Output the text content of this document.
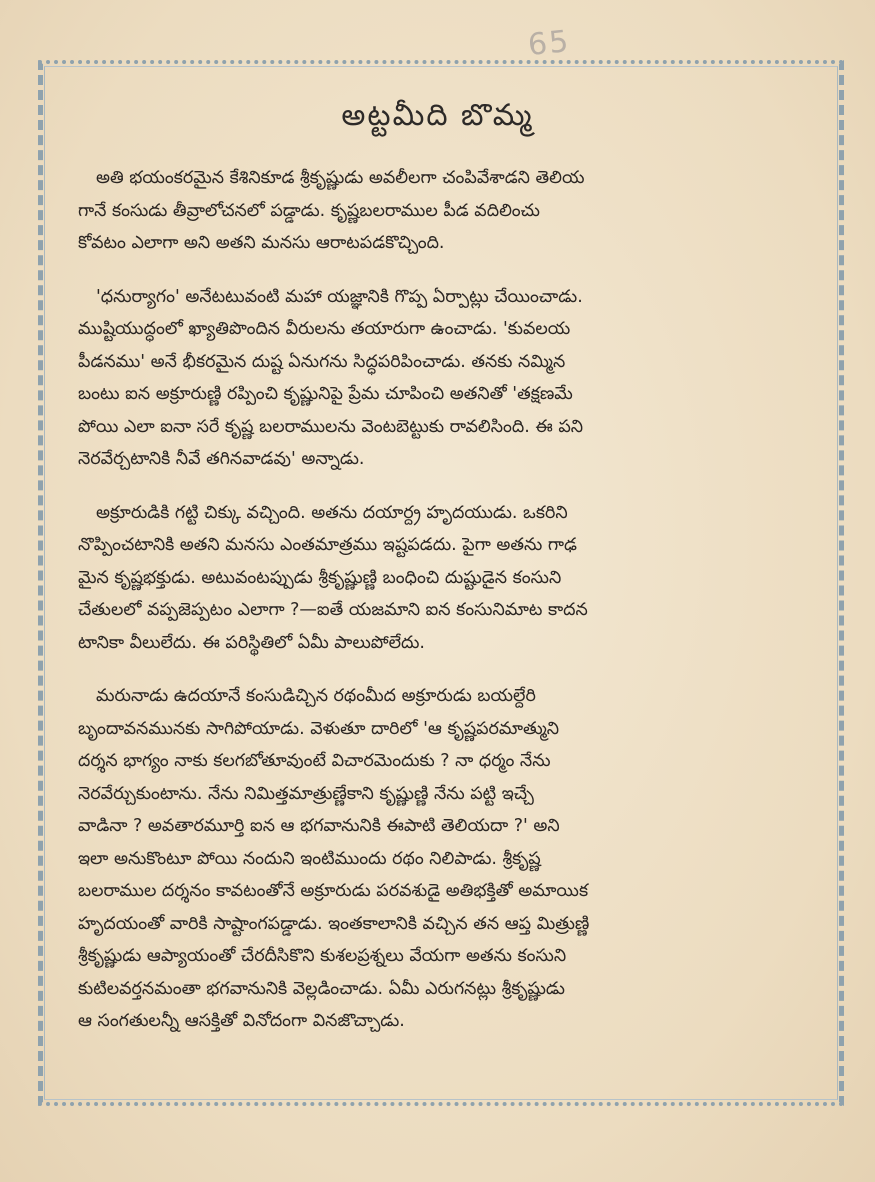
65
అట్టమీది బొమ్మ
అతి భయంకరమైన కేశినికూడ శ్రీకృష్ణుడు అవలీలగా చంపివేశాడని తెలియ
గానే కంసుడు తీవ్రాలోచనలో పడ్డాడు. కృష్ణబలరాముల పీడ వదిలించు
కోవటం ఎలాగా అని అతని మనసు ఆరాటపడకొచ్చింది.
'ధనుర్యాగం' అనేటటువంటి మహా యజ్ఞానికి గొప్ప ఏర్పాట్లు చేయించాడు.
ముష్టియుద్ధంలో ఖ్యాతిపొందిన వీరులను తయారుగా ఉంచాడు. 'కువలయ
పీడనము' అనే భీకరమైన దుష్ట ఏనుగను సిద్ధపరిపించాడు. తనకు నమ్మిన
బంటు ఐన అక్రూరుణ్ణి రప్పించి కృష్ణునిపై ప్రేమ చూపించి అతనితో 'తక్షణమే
పోయి ఎలా ఐనా సరే కృష్ణ బలరాములను వెంటబెట్టుకు రావలిసింది. ఈ పని
నెరవేర్చటానికి నీవే తగినవాడవు' అన్నాడు.
అక్రూరుడికి గట్టి చిక్కు వచ్చింది. అతను దయార్ద్ర హృదయుడు. ఒకరిని
నొప్పించటానికి అతని మనసు ఎంతమాత్రము ఇష్టపడదు. పైగా అతను గాఢ
మైన కృష్ణభక్తుడు. అటువంటప్పుడు శ్రీకృష్ణుణ్ణి బంధించి దుష్టుడైన కంసుని
చేతులలో వప్పజెప్పటం ఎలాగా ?—ఐతే యజమాని ఐన కంసునిమాట కాదన
టానికా వీలులేదు. ఈ పరిస్థితిలో ఏమీ పాలుపోలేదు.
మరునాడు ఉదయానే కంసుడిచ్చిన రథంమీద అక్రూరుడు బయల్దేరి
బృందావనమునకు సాగిపోయాడు. వెళుతూ దారిలో 'ఆ కృష్ణపరమాత్ముని
దర్శన భాగ్యం నాకు కలగబోతూవుంటే విచారమెందుకు ? నా ధర్మం నేను
నెరవేర్చుకుంటాను. నేను నిమిత్తమాత్రుణ్ణేకాని కృష్ణుణ్ణి నేను పట్టి ఇచ్చే
వాడినా ? అవతారమూర్తి ఐన ఆ భగవానునికి ఈపాటి తెలియదా ?' అని
ఇలా అనుకొంటూ పోయి నందుని ఇంటిముందు రథం నిలిపాడు. శ్రీకృష్ణ
బలరాముల దర్శనం కావటంతోనే అక్రూరుడు పరవశుడై అతిభక్తితో అమాయిక
హృదయంతో వారికి సాష్టాంగపడ్డాడు. ఇంతకాలానికి వచ్చిన తన ఆప్త మిత్రుణ్ణి
శ్రీకృష్ణుడు ఆప్యాయంతో చేరదీసికొని కుశలప్రశ్నలు వేయగా అతను కంసుని
కుటిలవర్తనమంతా భగవానునికి వెల్లడించాడు. ఏమీ ఎరుగనట్లు శ్రీకృష్ణుడు
ఆ సంగతులన్నీ ఆసక్తితో వినోదంగా వినజొచ్చాడు.
